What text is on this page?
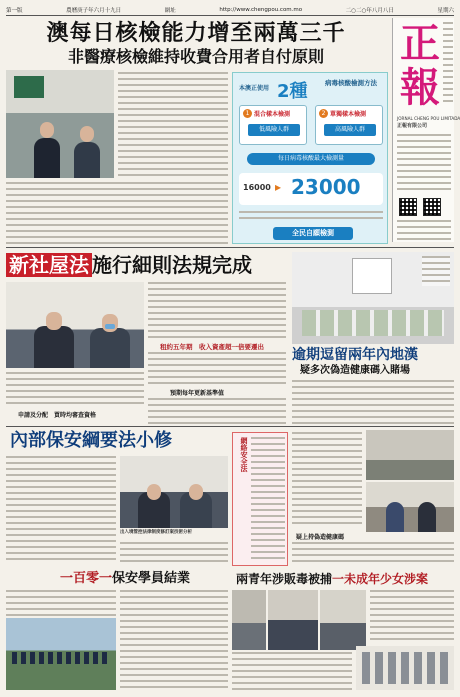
第一版	農曆庚子年六月十九日	網址	http://www.chengpou.com.mo	二○二○年八月八日	星期六
澳每日核檢能力增至兩萬三千
非醫療核檢維持收費合用者自付原則	正報
JORNAL CHENG POU LIMITADA
正報有限公司
本澳正使用 2種	病毒核酸檢測方法
1 混合樣本檢測
低風險人群
2 單獨樣本檢測
高風險人群
每日病毒核酸最大檢測量
16000 ▸ 23000
全民自願檢測
新社屋法 施行細則法規完成
申請及分配　買時均審查資格
租約五年期　收入資產超一倍要遷出
預期每年更新基準值
逾期逗留兩年內地漢
疑多次偽造健康碼入賭場
內部保安綱要法小修
出入境管控法律制度修訂案技術分析
一百零一保安學員結業
網絡安全法
疑上持偽造健康碼
兩青年涉販毒被捕一未成年少女涉案
